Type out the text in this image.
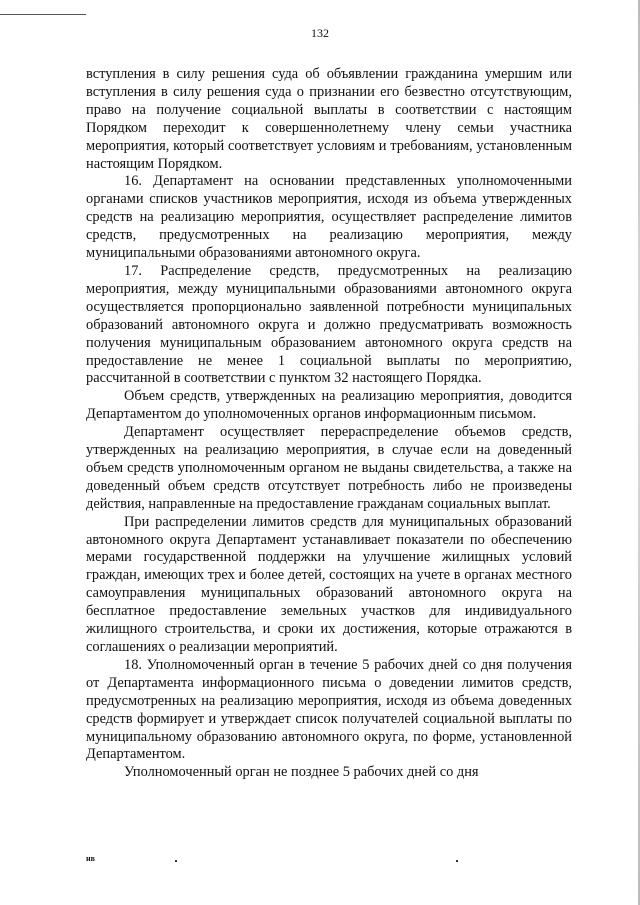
132

вступления в силу решения суда об объявлении гражданина умершим или вступления в силу решения суда о признании его безвестно отсутствующим, право на получение социальной выплаты в соответствии с настоящим Порядком переходит к совершеннолетнему члену семьи участника мероприятия, который соответствует условиям и требованиям, установленным настоящим Порядком.

16. Департамент на основании представленных уполномоченными органами списков участников мероприятия, исходя из объема утвержденных средств на реализацию мероприятия, осуществляет распределение лимитов средств, предусмотренных на реализацию мероприятия, между муниципальными образованиями автономного округа.

17. Распределение средств, предусмотренных на реализацию мероприятия, между муниципальными образованиями автономного округа осуществляется пропорционально заявленной потребности муниципальных образований автономного округа и должно предусматривать возможность получения муниципальным образованием автономного округа средств на предоставление не менее 1 социальной выплаты по мероприятию, рассчитанной в соответствии с пунктом 32 настоящего Порядка.

Объем средств, утвержденных на реализацию мероприятия, доводится Департаментом до уполномоченных органов информационным письмом.

Департамент осуществляет перераспределение объемов средств, утвержденных на реализацию мероприятия, в случае если на доведенный объем средств уполномоченным органом не выданы свидетельства, а также на доведенный объем средств отсутствует потребность либо не произведены действия, направленные на предоставление гражданам социальных выплат.

При распределении лимитов средств для муниципальных образований автономного округа Департамент устанавливает показатели по обеспечению мерами государственной поддержки на улучшение жилищных условий граждан, имеющих трех и более детей, состоящих на учете в органах местного самоуправления муниципальных образований автономного округа на бесплатное предоставление земельных участков для индивидуального жилищного строительства, и сроки их достижения, которые отражаются в соглашениях о реализации мероприятий.

18. Уполномоченный орган в течение 5 рабочих дней со дня получения от Департамента информационного письма о доведении лимитов средств, предусмотренных на реализацию мероприятия, исходя из объема доведенных средств формирует и утверждает список получателей социальной выплаты по муниципальному образованию автономного округа, по форме, установленной Департаментом.

Уполномоченный орган не позднее 5 рабочих дней со дня

нв
